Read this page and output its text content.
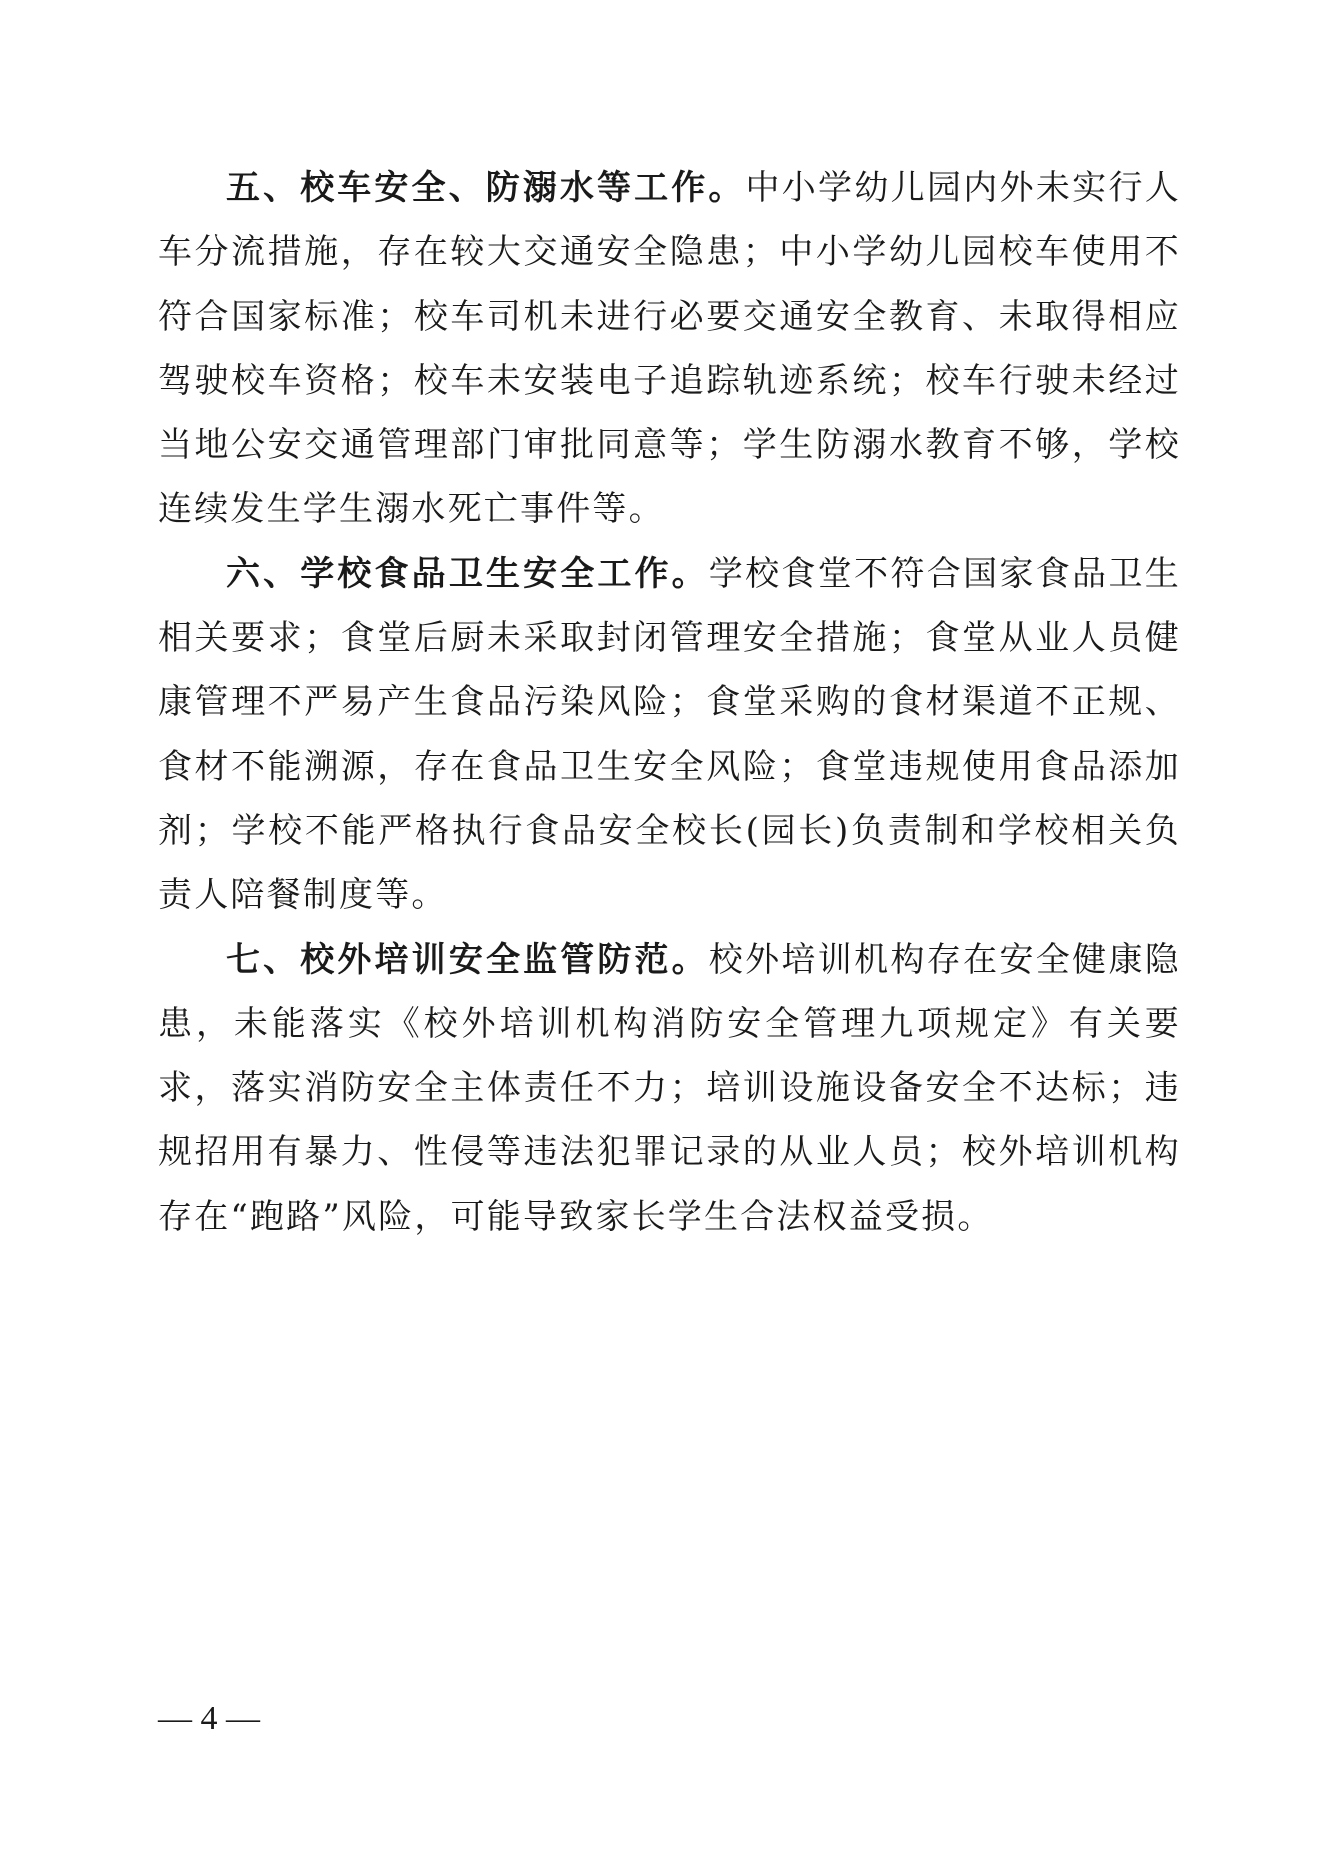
五、校车安全、防溺水等工作。中小学幼儿园内外未实行人车分流措施，存在较大交通安全隐患；中小学幼儿园校车使用不符合国家标准；校车司机未进行必要交通安全教育、未取得相应驾驶校车资格；校车未安装电子追踪轨迹系统；校车行驶未经过当地公安交通管理部门审批同意等；学生防溺水教育不够，学校连续发生学生溺水死亡事件等。

六、学校食品卫生安全工作。学校食堂不符合国家食品卫生相关要求；食堂后厨未采取封闭管理安全措施；食堂从业人员健康管理不严易产生食品污染风险；食堂采购的食材渠道不正规、食材不能溯源，存在食品卫生安全风险；食堂违规使用食品添加剂；学校不能严格执行食品安全校长(园长)负责制和学校相关负责人陪餐制度等。

七、校外培训安全监管防范。校外培训机构存在安全健康隐患，未能落实《校外培训机构消防安全管理九项规定》有关要求，落实消防安全主体责任不力；培训设施设备安全不达标；违规招用有暴力、性侵等违法犯罪记录的从业人员；校外培训机构存在“跑路”风险，可能导致家长学生合法权益受损。

— 4 —
